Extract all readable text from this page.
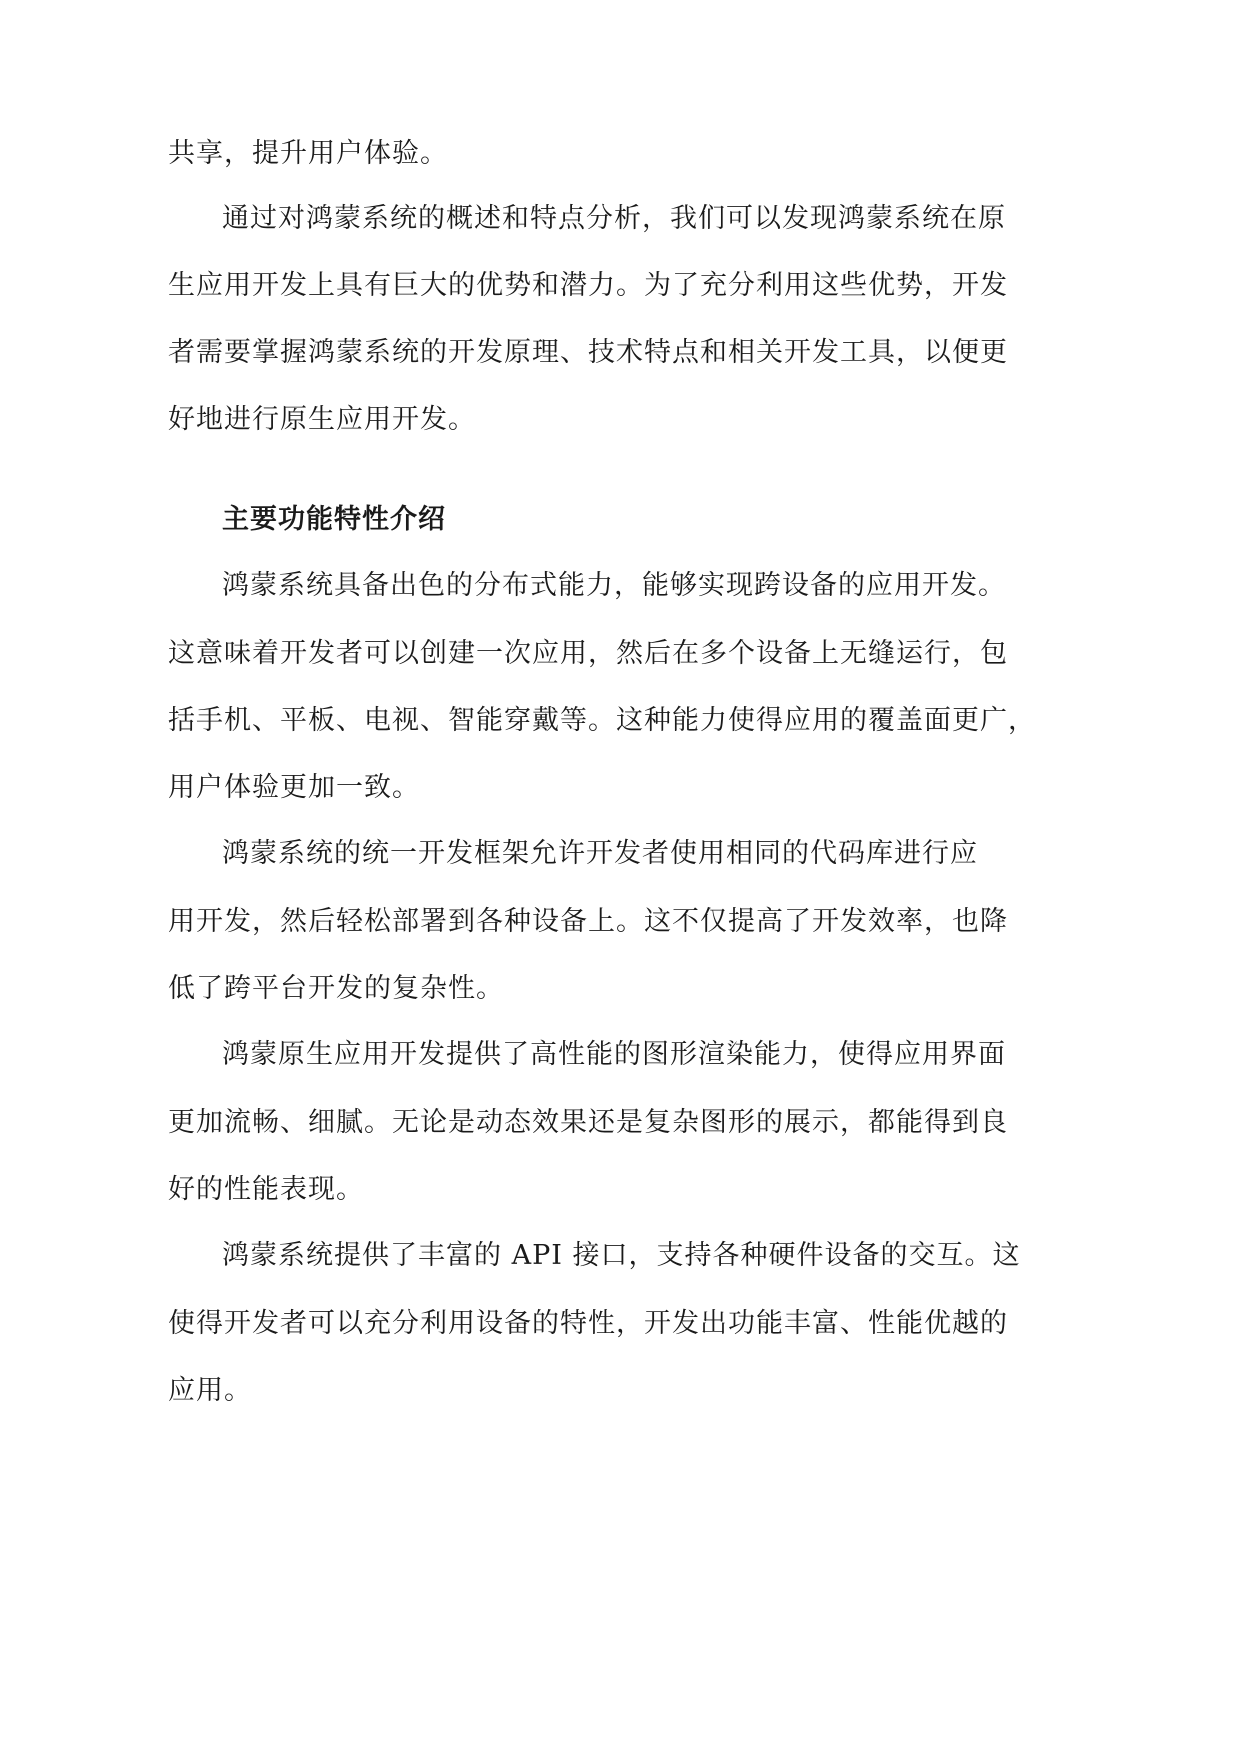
共享，提升用户体验。
通过对鸿蒙系统的概述和特点分析，我们可以发现鸿蒙系统在原
生应用开发上具有巨大的优势和潜力。为了充分利用这些优势，开发
者需要掌握鸿蒙系统的开发原理、技术特点和相关开发工具，以便更
好地进行原生应用开发。
主要功能特性介绍
鸿蒙系统具备出色的分布式能力，能够实现跨设备的应用开发。
这意味着开发者可以创建一次应用，然后在多个设备上无缝运行，包
括手机、平板、电视、智能穿戴等。这种能力使得应用的覆盖面更广，
用户体验更加一致。
鸿蒙系统的统一开发框架允许开发者使用相同的代码库进行应
用开发，然后轻松部署到各种设备上。这不仅提高了开发效率，也降
低了跨平台开发的复杂性。
鸿蒙原生应用开发提供了高性能的图形渲染能力，使得应用界面
更加流畅、细腻。无论是动态效果还是复杂图形的展示，都能得到良
好的性能表现。
鸿蒙系统提供了丰富的 API 接口，支持各种硬件设备的交互。这
使得开发者可以充分利用设备的特性，开发出功能丰富、性能优越的
应用。
